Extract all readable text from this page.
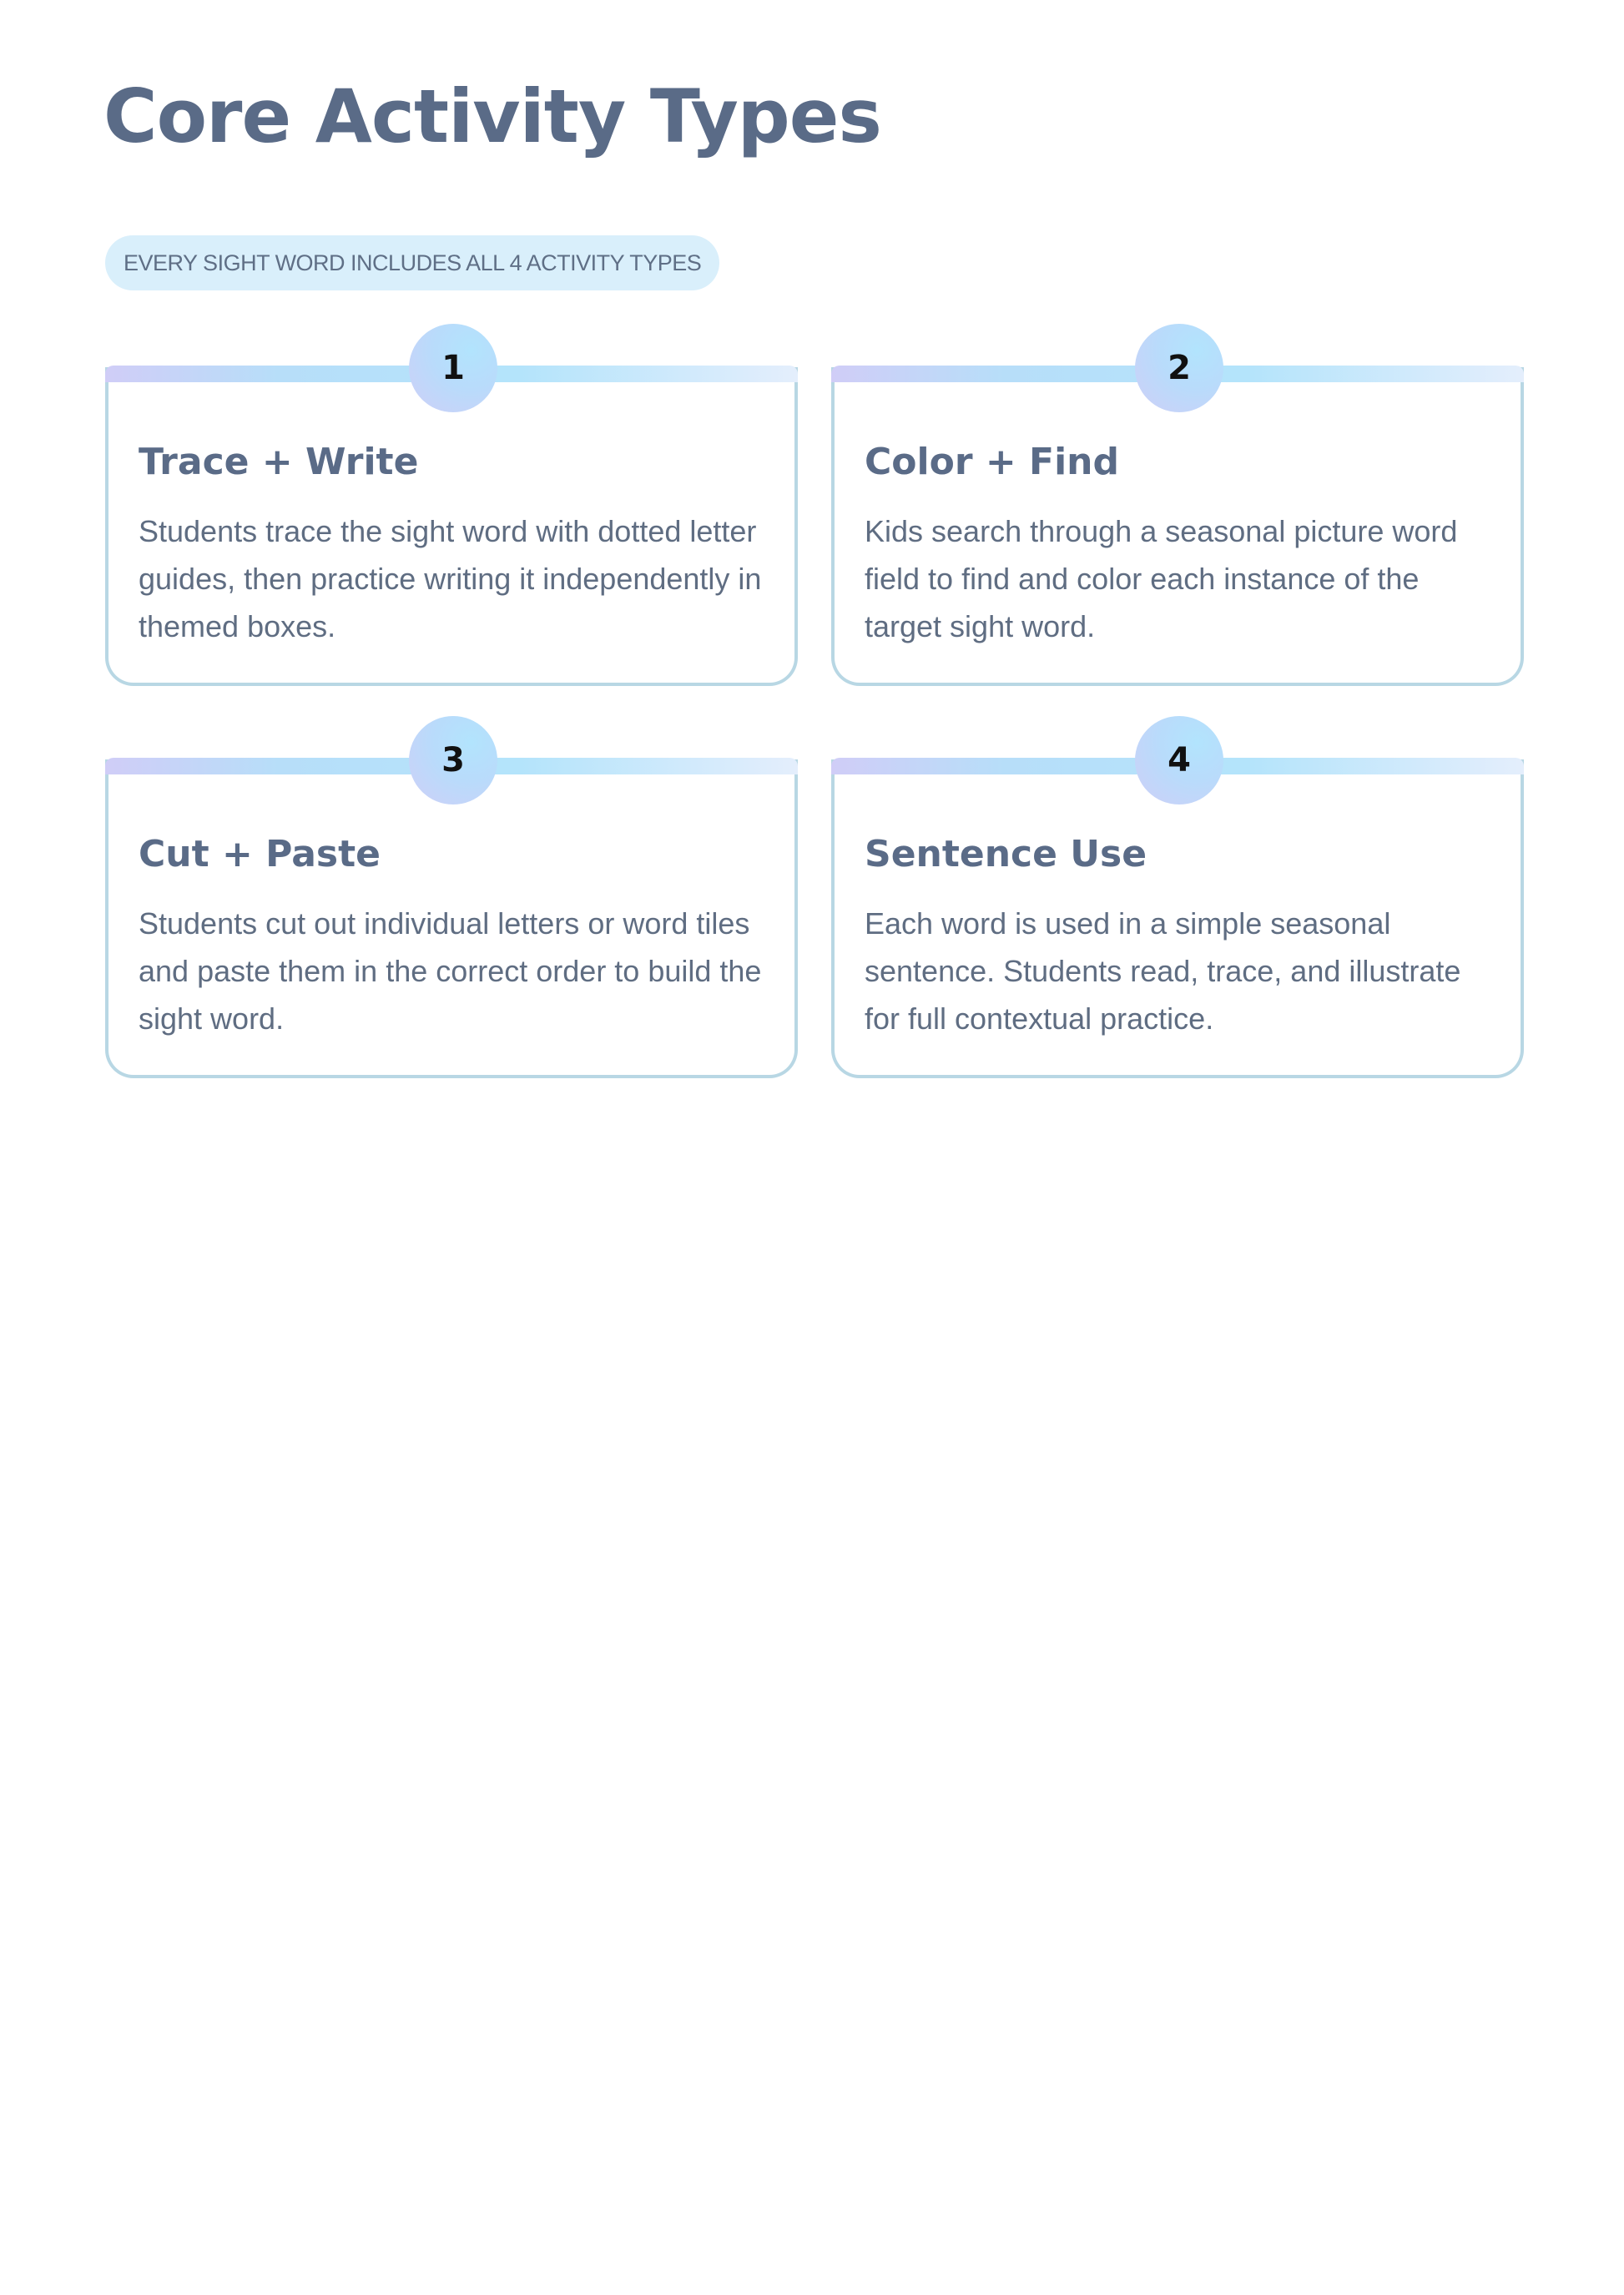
Core Activity Types
EVERY SIGHT WORD INCLUDES ALL 4 ACTIVITY TYPES
1
Trace + Write

Students trace the sight word with dotted letter guides, then practice writing it independently in themed boxes.

2
Color + Find

Kids search through a seasonal picture word field to find and color each instance of the target sight word.

3
Cut + Paste

Students cut out individual letters or word tiles and paste them in the correct order to build the sight word.

4
Sentence Use

Each word is used in a simple seasonal sentence. Students read, trace, and illustrate for full contextual practice.
